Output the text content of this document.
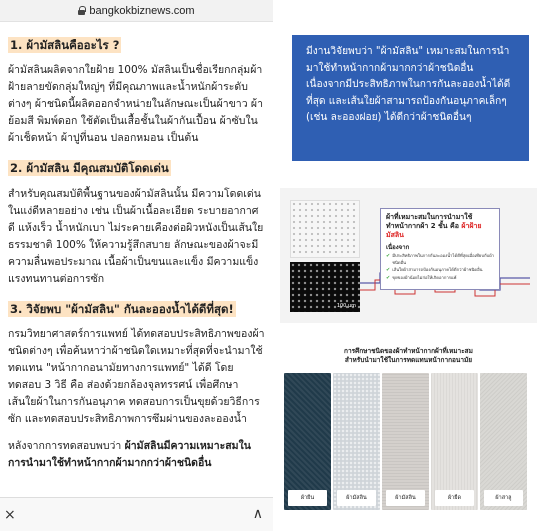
bangkokbiznews.com
1. ผ้ามัสลินคืออะไร ?

ผ้ามัสลินผลิตจากใยฝ้าย 100% มัสลินเป็นชื่อเรียกกลุ่มผ้าฝ้ายลายขัดกลุ่มใหญ่ๆ ที่มีคุณภาพและน้ำหนักผ้าระดับต่างๆ ผ้าชนิดนี้ผลิตออกจำหน่ายในลักษณะเป็นผ้าขาว ผ้าย้อมสี พิมพ์ดอก ใช้ตัดเป็นเสื้อชั้นในผ้ากันเปื้อน ผ้าซับใน ผ้าเช็ดหน้า ผ้าปูที่นอน ปลอกหมอน เป็นต้น

2. ผ้ามัสลิน มีคุณสมบัติโดดเด่น

สำหรับคุณสมบัติพื้นฐานของผ้ามัสลินนั้น มีความโดดเด่นในแง่ดีหลายอย่าง เช่น เป็นผ้าเนื้อละเอียด ระบายอากาศดี แห้งเร็ว น้ำหนักเบา ไม่ระคายเคืองต่อผิวหนังเป็นเส้นใยธรรมชาติ 100% ให้ความรู้สึกสบาย ลักษณะของผ้าจะมีความลื่นพอประมาณ เนื้อผ้าเป็นขนและแข็ง มีความแข็งแรงทนทานต่อการซัก

3. วิจัยพบ "ผ้ามัสลิน" กันละอองน้ำได้ดีที่สุด!

กรมวิทยาศาสตร์การแพทย์ ได้ทดสอบประสิทธิภาพของผ้าชนิดต่างๆ เพื่อค้นหาว่าผ้าชนิดใดเหมาะที่สุดที่จะนำมาใช้ทดแทน "หน้ากากอนามัยทางการแพทย์" ได้ดี โดยทดสอบ 3 วิธี คือ ส่องด้วยกล้องจุลทรรศน์ เพื่อศึกษาเส้นใยผ้าในการกันอนุภาค ทดสอบการเป็นขุยด้วยวิธีการซัก และทดสอบประสิทธิภาพการซึมผ่านของละอองน้ำ

หลังจากการทดสอบพบว่า ผ้ามัสลินมีความเหมาะสมในการนำมาใช้ทำหน้ากากผ้ามากกว่าผ้าชนิดอื่น

×	∧

มีงานวิจัยพบว่า "ผ้ามัสลิน" เหมาะสมในการนำมาใช้ทำหน้ากากผ้ามากกว่าผ้าชนิดอื่น เนื่องจากมีประสิทธิภาพในการกันละอองน้ำได้ดีที่สุด และเส้นใยผ้าสามารถป้องกันอนุภาคเล็กๆ (เช่น ละอองฝอย) ได้ดีกว่าผ้าชนิดอื่นๆ

100 µm
ผ้าที่เหมาะสมในการนำมาใช้
ทำหน้ากากผ้า 2 ชั้น คือ ผ้าฝ้ายมัสลิน
เนื่องจาก
✔ มีประสิทธิภาพในการกันละอองน้ำได้ดีที่สุดเมื่อเทียบกับผ้าชนิดอื่น
✔ เส้นใยผ้าสามารถป้องกันอนุภาคได้ดีกว่าผ้าชนิดอื่น
✔ ขุยของผ้าน้อยไม่ก่อให้เกิดอาการแพ้
การศึกษาชนิดของผ้าทำหน้ากากผ้าที่เหมาะสม
สำหรับนำมาใช้ในการทดแทนหน้ากากอนามัย
ผ้ายีน	ผ้ามัสลิน	ผ้ามัสลิน	ผ้ายืด	ผ้าสาลู
